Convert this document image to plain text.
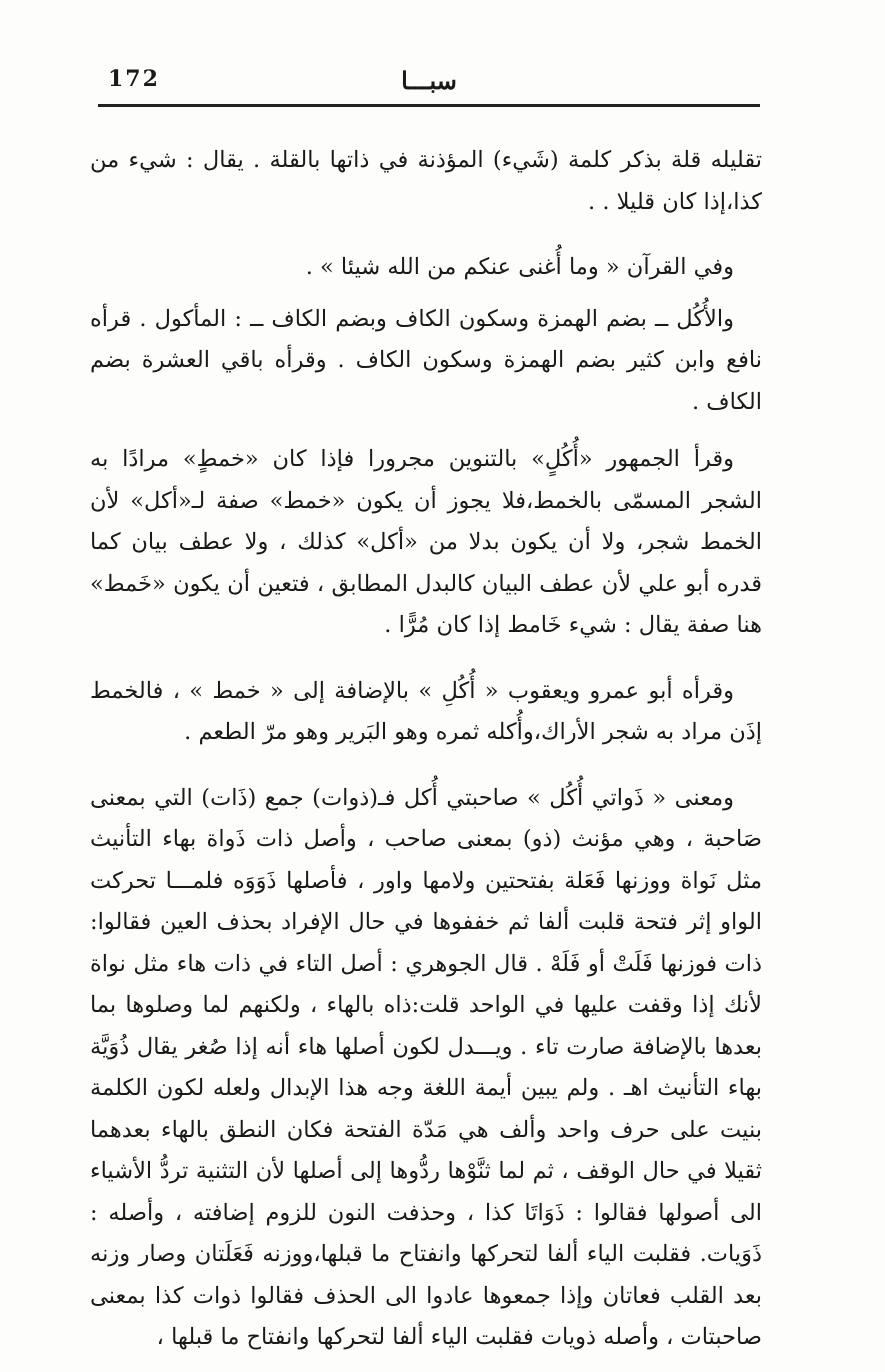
172	سبـــا

تقليله قلة بذكر كلمة (شَيء) المؤذنة في ذاتها بالقلة . يقال : شيء من كذا،إذا كان قليلا . .

وفي القرآن « وما أُغنى عنكم من الله شيئا » .

والأُكُل ــ بضم الهمزة وسكون الكاف وبضم الكاف ــ : المأكول . قرأه نافع وابن كثير بضم الهمزة وسكون الكاف . وقرأه باقي العشرة بضم الكاف .

وقرأ الجمهور «أُكُلٍ» بالتنوين مجرورا فإذا كان «خمطٍ» مرادًا به الشجر المسمّى بالخمط،فلا يجوز أن يكون «خمط» صفة لـ«أكل» لأن الخمط شجر، ولا أن يكون بدلا من «أكل» كذلك ، ولا عطف بيان كما قدره أبو علي لأن عطف البيان كالبدل المطابق ، فتعين أن يكون «خَمط» هنا صفة يقال : شيء خَامط إذا كان مُرًّا .

وقرأه أبو عمرو ويعقوب « أُكُلِ » بالإضافة إلى « خمط » ، فالخمط إذَن مراد به شجر الأراك،وأُكله ثمره وهو البَرير وهو مرّ الطعم .

ومعنى « ذَواتي أُكُل » صاحبتي أُكل فـ(ذوات) جمع (ذَات) التي بمعنى صَاحبة ، وهي مؤنث (ذو) بمعنى صاحب ، وأصل ذات ذَواة بهاء التأنيث مثل نَواة ووزنها فَعَلة بفتحتين ولامها واور ، فأصلها ذَوَوَه فلمـــا تحركت الواو إثر فتحة قلبت ألفا ثم خففوها في حال الإفراد بحذف العين فقالوا: ذات فوزنها فَلَتْ أو فَلَهْ . قال الجوهري : أصل التاء في ذات هاء مثل نواة لأنك إذا وقفت عليها في الواحد قلت:ذاه بالهاء ، ولكنهم لما وصلوها بما بعدها بالإضافة صارت تاء . ويـــدل لكون أصلها هاء أنه إذا صُغر يقال ذُوَيَّة بهاء التأنيث اهـ . ولم يبين أيمة اللغة وجه هذا الإبدال ولعله لكون الكلمة بنيت على حرف واحد وألف هي مَدّة الفتحة فكان النطق بالهاء بعدهما ثقيلا في حال الوقف ، ثم لما ثنَّوْها ردُّوها إلى أصلها لأن التثنية تردُّ الأشياء الى أصولها فقالوا : ذَوَاتَا كذا ، وحذفت النون للزوم إضافته ، وأصله : ذَوَيات. فقلبت الياء ألفا لتحركها وانفتاح ما قبلها،ووزنه فَعَلَتان وصار وزنه بعد القلب فعاتان وإذا جمعوها عادوا الى الحذف فقالوا ذوات كذا بمعنى صاحبتات ، وأصله ذويات فقلبت الياء ألفا لتحركها وانفتاح ما قبلها ،
